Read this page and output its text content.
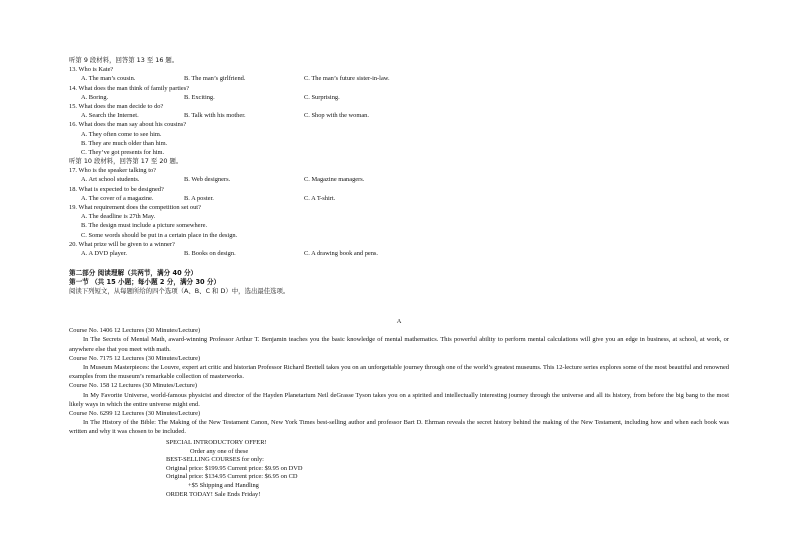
听第 9 段材料，回答第 13 至 16 题。
13. Who is Kate?
A. The man’s cousin.	B. The man’s girlfriend.	C. The man’s future sister-in-law.
14. What does the man think of family parties?
A. Boring.	B. Exciting.	C. Surprising.
15. What does the man decide to do?
A. Search the Internet.	B. Talk with his mother.	C. Shop with the woman.
16. What does the man say about his cousins?
A. They often come to see him.
B. They are much older than him.
C. They’ve got presents for him.
听第 10 段材料，回答第 17 至 20 题。
17. Who is the speaker talking to?
A. Art school students.	B. Web designers.	C. Magazine managers.
18. What is expected to be designed?
A. The cover of a magazine.	B. A poster.	C. A T-shirt.
19. What requirement does the competition set out?
A. The deadline is 27th May.
B. The design must include a picture somewhere.
C. Some words should be put in a certain place in the design.
20. What prize will be given to a winner?
A. A DVD player.	B. Books on design.	C. A drawing book and pens.
第二部分 阅读理解（共两节，满分 40 分）
第一节 （共 15 小题；每小题 2 分，满分 30 分）
阅读下列短文，从每题所给的四个选项（A、B、C 和 D）中，选出最佳选项。
A
Course No. 1406 12 Lectures (30 Minutes/Lecture)
In The Secrets of Mental Math, award-winning Professor Arthur T. Benjamin teaches you the basic knowledge of mental mathematics. This powerful ability to perform mental calculations will give you an edge in business, at school, at work, or anywhere else that you meet with math.
Course No. 7175 12 Lectures (30 Minutes/Lecture)
In Museum Masterpieces: the Louvre, expert art critic and historian Professor Richard Brettell takes you on an unforgettable journey through one of the world’s greatest museums. This 12-lecture series explores some of the most beautiful and renowned examples from the museum’s remarkable collection of masterworks.
Course No. 158 12 Lectures (30 Minutes/Lecture)
In My Favorite Universe, world-famous physicist and director of the Hayden Planetarium Neil deGrasse Tyson takes you on a spirited and intellectually interesting journey through the universe and all its history, from before the big bang to the most likely ways in which the entire universe might end.
Course No. 6299 12 Lectures (30 Minutes/Lecture)
In The History of the Bible: The Making of the New Testament Canon, New York Times best-selling author and professor Bart D. Ehrman reveals the secret history behind the making of the New Testament, including how and when each book was written and why it was chosen to be included.
SPECIAL INTRODUCTORY OFFER!
Order any one of these
BEST-SELLING COURSES for only:
Original price: $199.95 Current price: $9.95 on DVD
Original price: $134.95 Current price: $6.95 on CD
+$5 Shipping and Handling
ORDER TODAY! Sale Ends Friday!
